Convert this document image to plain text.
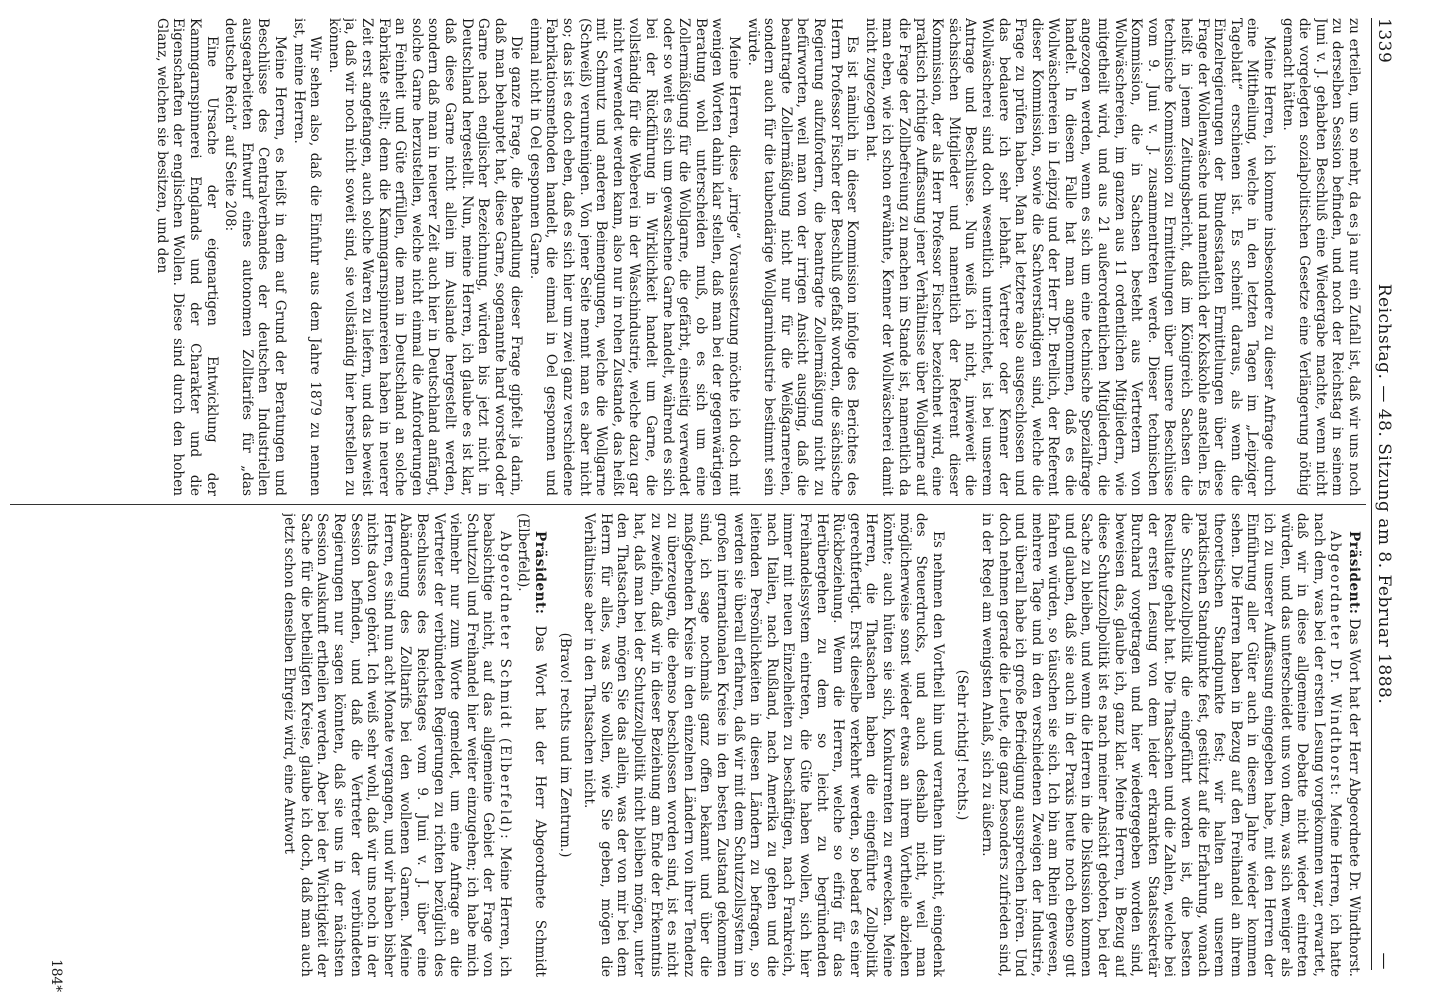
1339
Reichstag. — 48. Sitzung am 8. Februar 1888.
—

zu erteilen, um so mehr, da es ja nur ein Zufall ist, daß wir uns noch zu derselben Session befinden, und noch der Reichstag in seinem Juni v. J. gehabten Beschluß eine Wiedergabe machte, wenn nicht die vorgelegten sozialpolitischen Gesetze eine Verlängerung nöthig gemacht hätten.

Meine Herren, ich komme insbesondere zu dieser Anfrage durch eine Mittheilung, welche in den letzten Tagen im „Leipziger Tageblatt“ erschienen ist. Es scheint daraus, als wenn die Einzelregierungen der Bundesstaaten Ermittelungen über diese Frage der Wollenwäsche und namentlich der Kokskohle anstellen. Es heißt in jenem Zeitungsbericht, daß im Königreich Sachsen die technische Kommission zu Ermittelungen über unsere Beschlüsse vom 9. Juni v. J. zusammentreten werde. Dieser technischen Kommission, die in Sachsen besteht aus Vertretern von Wollwäschereien, im ganzen aus 11 ordentlichen Mitgliedern, wie mitgetheilt wird, und aus 21 außerordentlichen Mitgliedern, die angezogen werden, wenn es sich um eine technische Spezialfrage handelt. In diesem Falle hat man angenommen, daß es die Wollwäschereien in Leipzig und der Herr Dr. Brellich, der Referent dieser Kommission, sowie die Sachverständigen sind, welche die Frage zu prüfen haben. Man hat letztere also ausgeschlossen und das bedauere ich sehr lebhaft. Vertreter oder Kenner der Wollwäscherei sind doch wesentlich unterrichtet, ist bei unserem Antrage und Beschlusse. Nun weiß ich nicht, inwieweit die sächsischen Mitglieder und namentlich der Referent dieser Kommission, der als Herr Professor Fischer bezeichnet wird, eine praktisch richtige Auffassung jener Verhältnisse über Wollgarne auf die Frage der Zollbefreiung zu machen im Stande ist, namentlich da man eben, wie ich schon erwähnte, Kenner der Wollwäscherei damit nicht zugezogen hat.

Es ist nämlich in dieser Kommission infolge des Berichtes des Herrn Professor Fischer der Beschluß gefaßt worden, die sächsische Regierung aufzufordern, die beantragte Zollermäßigung nicht zu befürworten, weil man von der irrigen Ansicht ausging, daß die beantragte Zollermäßigung nicht nur für die Weißgarnereien, sondern auch für die taubendärige Wollgarnindustrie bestimmt sein würde.

Meine Herren, diese „irrige“ Voraussetzung möchte ich doch mit wenigen Worten dahin klar stellen, daß man bei der gegenwärtigen Beratung wohl unterscheiden muß, ob es sich um eine Zollermäßigung für die Wollgarne, die gefärbt, einseitig verwendet oder so weit es sich um gewaschene Garne handelt, während es sich bei der Rückführung in Wirklichkeit handelt um Garne, die vollständig für die Weberei in der Waschindustrie, welche dazu gar nicht verwendet werden kann, also nur in rohen Zustande, das heißt mit Schmutz und anderen Beimengungen, welche die Wollgarne (Schweiß) verunreinigen. Von jener Seite nennt man es aber nicht so; das ist es doch eben, daß es sich hier um zwei ganz verschiedene Fabrikationsmethoden handelt, die einmal in Oel gesponnen und einmal nicht in Oel gesponnen Garne.

Die ganze Frage, die Behandlung dieser Frage gipfelt ja darin, daß man behauptet hat, diese Garne, sogenannte hard worsted oder Garne nach englischer Bezeichnung, würden bis jetzt nicht in Deutschland hergestellt. Nun, meine Herren, ich glaube es ist klar, daß diese Garne nicht allein im Auslande hergestellt werden, sondern daß man in neuerer Zeit auch hier in Deutschland anfängt, solche Garne herzustellen, welche nicht einmal die Anforderungen an Feinheit und Güte erfüllen, die man in Deutschland an solche Fabrikate stellt; denn die Kammgarnspinnereien haben in neuerer Zeit erst angefangen, auch solche Waren zu liefern, und das beweist ja, daß wir noch nicht soweit sind, sie vollständig hier herstellen zu können.

Wir sehen also, daß die Einfuhr aus dem Jahre 1879 zu nennen ist, meine Herren.

Meine Herren, es heißt in dem auf Grund der Beratungen und Beschlüsse des Centralverbandes der deutschen Industriellen ausgearbeiteten Entwurf eines autonomen Zolltarifes für „das deutsche Reich“ auf Seite 208:

Eine Ursache der eigenartigen Entwicklung der Kammgarnspinnerei Englands und der Charakter und die Eigenschaften der englischen Wollen. Diese sind durch den hohen Glanz, welchen sie besitzen, und den

Präsident: Das Wort hat der Herr Abgeordnete Dr. Windthorst.

Abgeordneter Dr. Windthorst: Meine Herren, ich hatte nach dem, was bei der ersten Lesung vorgekommen war, erwartet, daß wir in diese allgemeine Debatte nicht wieder eintreten würden, und das unterscheidet uns von dem, was sich weniger als ich zu unserer Auffassung eingegeben habe, mit den Herren der Einführung aller Güter auch in diesem Jahre wieder kommen sehen. Die Herren haben in Bezug auf den Freihandel an ihrem theoretischen Standpunkte fest; wir halten an unserem praktischen Standpunkte fest, gestützt auf die Erfahrung, wonach die Schutzzollpolitik die eingeführt worden ist, die besten Resultate gehabt hat. Die Thatsachen und die Zahlen, welche bei der ersten Lesung von dem leider erkrankten Staatssekretär Burchard vorgetragen und hier wiedergegeben worden sind, beweisen das, glaube ich, ganz klar. Meine Herren, in Bezug auf diese Schutzzollpolitik ist es nach meiner Ansicht geboten, bei der Sache zu bleiben, und wenn die Herren in die Diskussion kommen und glauben, daß sie auch in der Praxis heute noch ebenso gut fahren würden, so täuschen sie sich. Ich bin am Rhein gewesen, mehrere Tage und in den verschiedenen Zweigen der Industrie, und überall habe ich große Befriedigung aussprechen hören. Und doch nehmen gerade die Leute, die ganz besonders zufrieden sind, in der Regel am wenigsten Anlaß, sich zu äußern.

(Sehr richtig! rechts.)

Es nehmen den Vortheil hin und verrathen ihn nicht, eingedenk des Steuerdrucks, und auch deshalb nicht, weil man möglicherweise sonst wieder etwas an ihrem Vortheile abziehen könnte; auch hüten sie sich, Konkurrenten zu erwecken. Meine Herren, die Thatsachen haben die eingeführte Zollpolitik gerechtfertigt. Erst dieselbe verkehrt werden, so bedarf es einer Rückbeziehung. Wenn die Herren, welche so eifrig für das Herübergehen zu dem so leicht zu begründenden Freihandelssystem eintreten, die Güte haben wollen, sich hier immer mit neuen Einzelheiten zu beschäftigen, nach Frankreich, nach Italien, nach Rußland, nach Amerika zu gehen und die leitenden Persönlichkeiten in diesen Ländern zu befragen, so werden sie überall erfahren, daß wir mit dem Schutzzollsystem im großen internationalen Kreise in den besten Zustand gekommen sind, ich sage nochmals ganz offen bekannt und über die maßgebenden Kreise in den einzelnen Ländern von ihrer Tendenz zu überzeugen, die ebenso beschlossen worden sind, ist es nicht zu zweifeln, daß wir in dieser Beziehung am Ende der Erkenntnis hat, daß man bei der Schutzzollpolitik nicht bleiben mögen, unter den Thatsachen, mögen Sie das allein, was der von mir bei dem Herrn für alles, was Sie wollen, wie Sie geben, mögen die Verhältnisse aber in den Thatsachen nicht.

(Bravo! rechts und im Zentrum.)

Präsident: Das Wort hat der Herr Abgeordnete Schmidt (Elberfeld).

Abgeordneter Schmidt (Elberfeld): Meine Herren, ich beabsichtige nicht, auf das allgemeine Gebiet der Frage von Schutzzoll und Freihandel hier weiter einzugehen; ich habe mich vielmehr nur zum Worte gemeldet, um eine Anfrage an die Vertreter der verbündeten Regierungen zu richten bezüglich des Beschlusses des Reichstages vom 9. Juni v. J. über eine Abänderung des Zolltarifs bei den wollenen Garnen. Meine Herren, es sind nun acht Monate vergangen, und wir haben bisher nichts davon gehört. Ich weiß sehr wohl, daß wir uns noch in der Session befinden, und daß die Vertreter der verbündeten Regierungen nur sagen könnten, daß sie uns in der nächsten Session Auskunft ertheilen werden. Aber bei der Wichtigkeit der Sache für die betheiligten Kreise, glaube ich doch, daß man auch jetzt schon denselben Ehrgeiz wird, eine Antwort

184*
